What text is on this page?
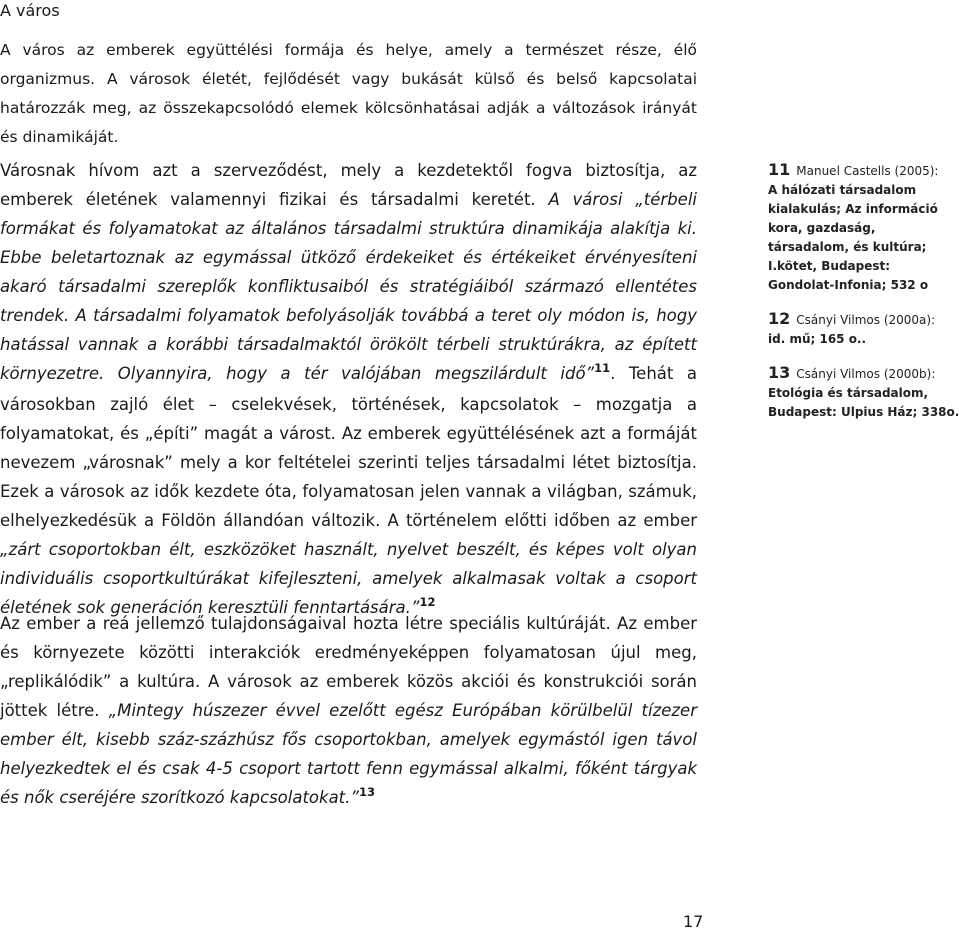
A város

A város az emberek együttélési formája és helye, amely a természet része, élő organizmus. A városok életét, fejlődését vagy bukását külső és belső kapcsolatai határozzák meg, az összekapcsolódó elemek kölcsönhatásai adják a változások irányát és dinamikáját.

Városnak hívom azt a szerveződést, mely a kezdetektől fogva biztosítja, az emberek életének valamennyi fizikai és társadalmi keretét. A városi „térbeli formákat és folyamatokat az általános társadalmi struktúra dinamikája alakítja ki. Ebbe beletartoznak az egymással ütköző érdekeiket és értékeiket érvényesíteni akaró társadalmi szereplők konfliktusaiból és stratégiáiból származó ellentétes trendek. A társadalmi folyamatok befolyásolják továbbá a teret oly módon is, hogy hatással vannak a korábbi társadalmaktól örökölt térbeli struktúrákra, az épített környezetre. Olyannyira, hogy a tér valójában megszilárdult idő”$^{11}$. Tehát a városokban zajló élet – cselekvések, történések, kapcsolatok – mozgatja a folyamatokat, és „építi” magát a várost. Az emberek együttélésének azt a formáját nevezem „városnak” mely a kor feltételei szerinti teljes társadalmi létet biztosítja. Ezek a városok az idők kezdete óta, folyamatosan jelen vannak a világban, számuk, elhelyezkedésük a Földön állandóan változik. A történelem előtti időben az ember „zárt csoportokban élt, eszközöket használt, nyelvet beszélt, és képes volt olyan individuális csoportkultúrákat kifejleszteni, amelyek alkalmasak voltak a csoport életének sok generáción keresztüli fenntartására.”$^{12}$

Az ember a reá jellemző tulajdonságaival hozta létre speciális kultúráját. Az ember és környezete közötti interakciók eredményeképpen folyamatosan újul meg, „replikálódik” a kultúra. A városok az emberek közös akciói és konstrukciói során jöttek létre. „Mintegy húszezer évvel ezelőtt egész Európában körülbelül tízezer ember élt, kisebb száz-százhúsz fős csoportokban, amelyek egymástól igen távol helyezkedtek el és csak 4-5 csoport tartott fenn egymással alkalmi, főként tárgyak és nők cseréjére szorítkozó kapcsolatokat.”$^{13}$

11 Manuel Castells (2005):
A hálózati társadalom kialakulás; Az információ kora, gazdaság, társadalom, és kultúra; I.kötet, Budapest: Gondolat-Infonia; 532 o
12 Csányi Vilmos (2000a):
id. mű; 165 o..
13 Csányi Vilmos (2000b):
Etológia és társadalom, Budapest: Ulpius Ház; 338o.
17
